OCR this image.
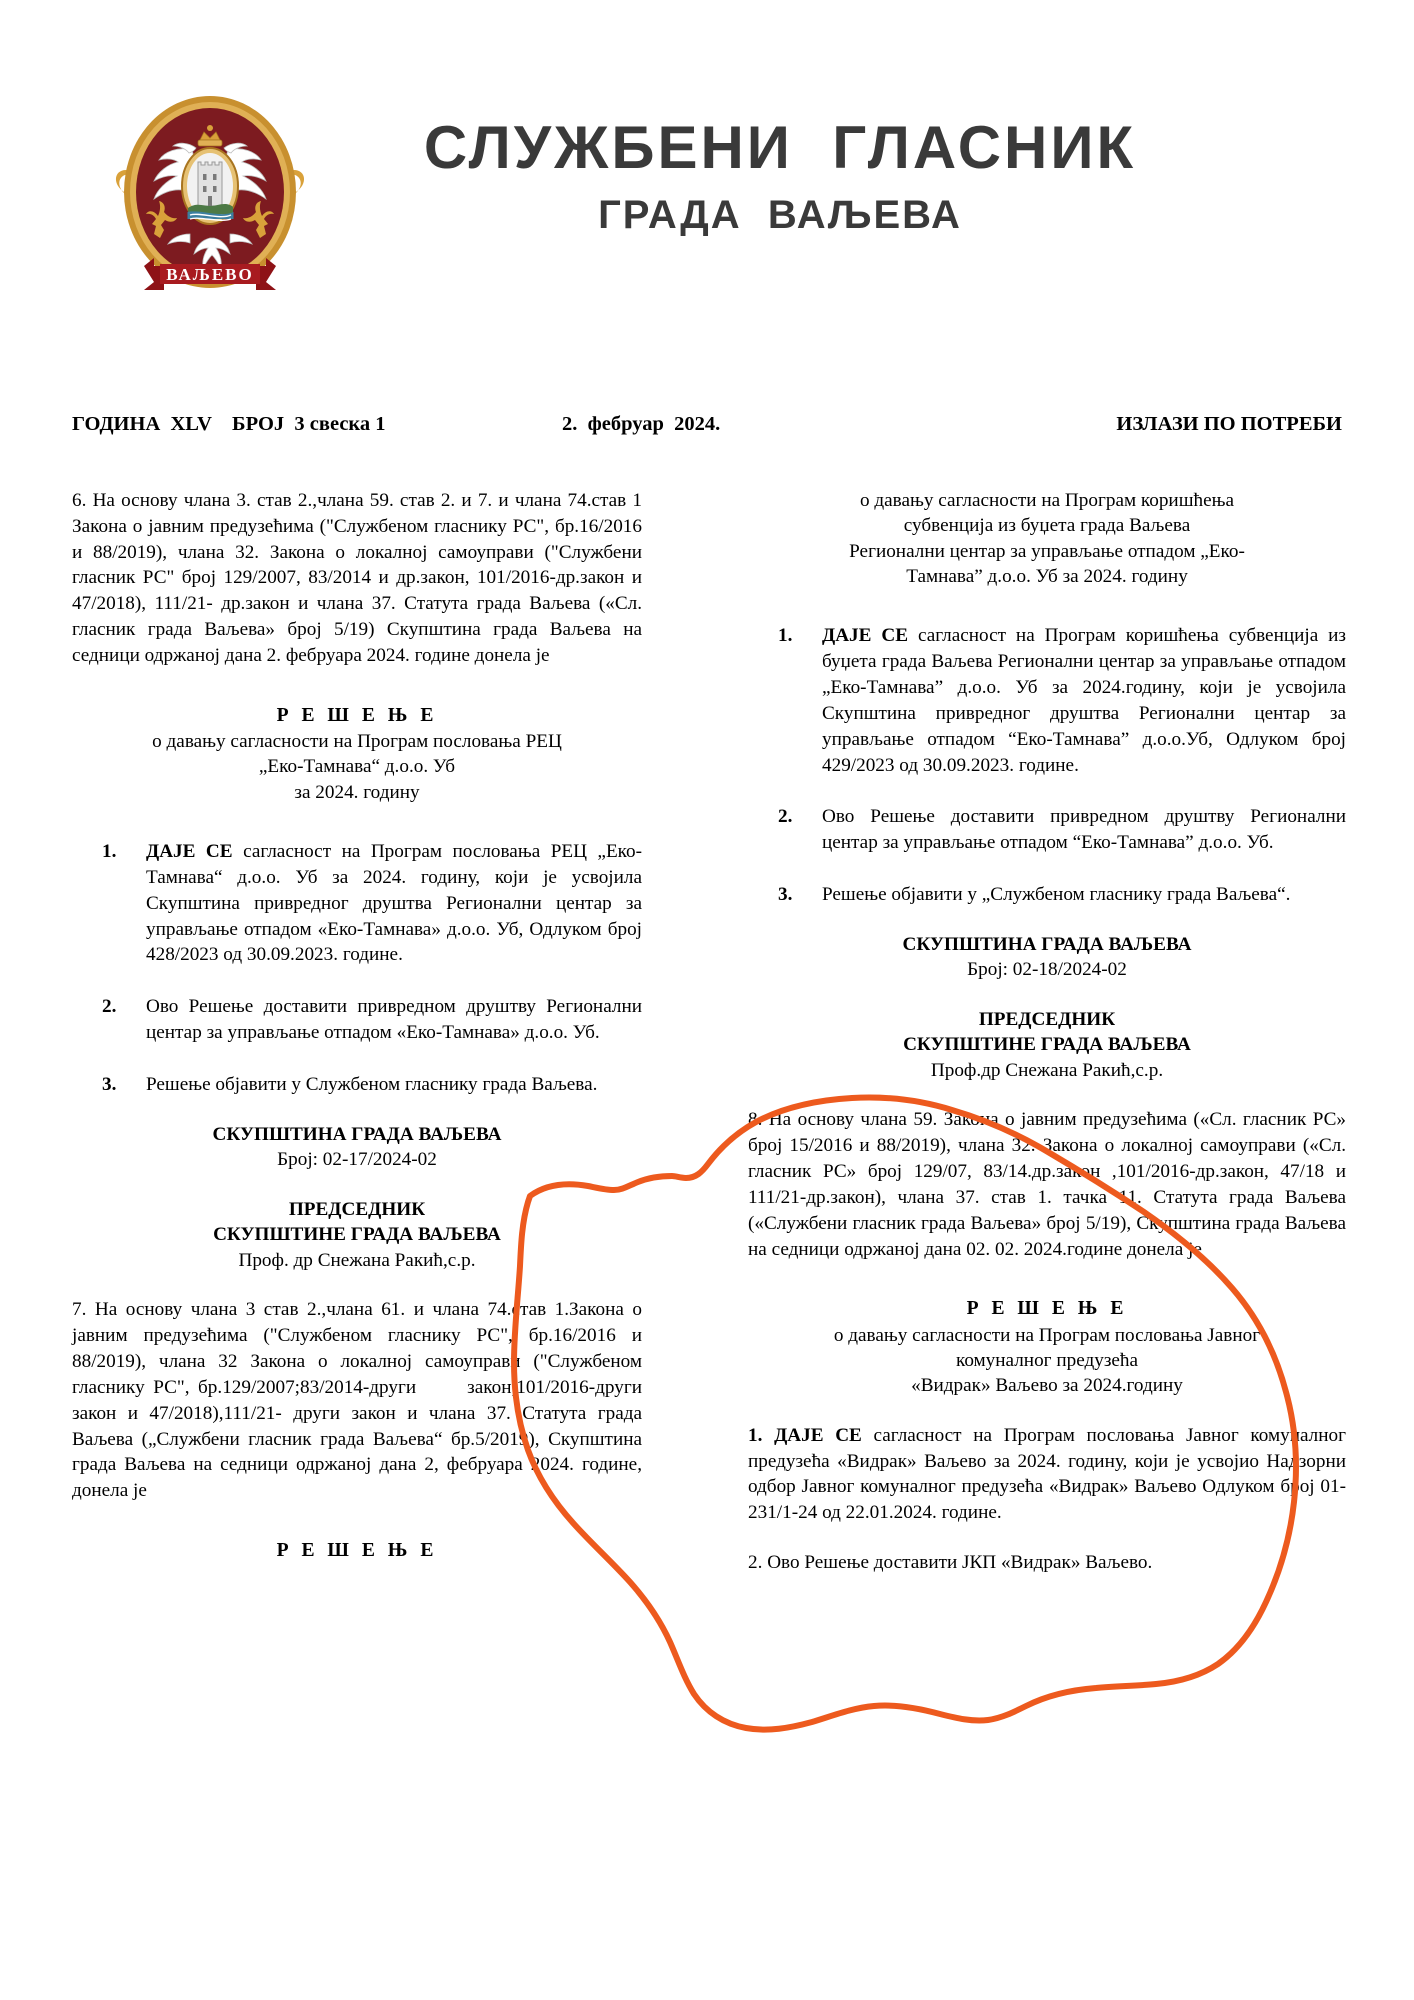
ВАЉЕВО
СЛУЖБЕНИ  ГЛАСНИК
ГРАДА  ВАЉЕВА
ГОДИНА  XLV    БРОЈ  3 свеска 1	2.  фебруар  2024.	ИЗЛАЗИ ПО ПОТРЕБИ

6. На основу члана 3. став 2.,члана 59. став 2. и 7. и члана 74.став 1 Закона о јавним предузећима ("Службеном гласнику РС", бр.16/2016 и 88/2019), члана 32. Закона о локалној самоуправи ("Службени гласник РС" број 129/2007, 83/2014 и др.закон, 101/2016-др.закон и 47/2018), 111/21- др.закон и члана 37. Статута града Ваљева («Сл. гласник града Ваљева» број 5/19) Скупштина града Ваљева на седници одржаној дана 2. фебруара 2024. године донела је

Р Е Ш Е Њ Е

о давању сагласности на Програм пословања РЕЦ

„Еко-Тамнава“ д.о.о. Уб

за 2024. годину

1. ДАЈЕ СЕ сагласност на Програм пословања РЕЦ „Еко-Тамнава“ д.о.о. Уб за 2024. годину, који је усвојила Скупштина привредног друштва Регионални центар за управљање отпадом «Еко-Тамнава» д.о.о. Уб, Одлуком број 428/2023 од 30.09.2023. године.
2. Ово Решење доставити привредном друштву Регионални центар за управљање отпадом «Еко-Тамнава» д.о.о. Уб.
3. Решење објавити у Службеном гласнику града Ваљева.

СКУПШТИНА ГРАДА ВАЉЕВА

Број: 02-17/2024-02

ПРЕДСЕДНИК

СКУПШТИНЕ ГРАДА ВАЉЕВА

Проф. др Снежана Ракић,с.р.

7. На основу члана 3 став 2.,члана 61. и члана 74.став 1.Закона о јавним предузећима ("Службеном гласнику РС", бр.16/2016 и 88/2019), члана 32 Закона о локалној самоуправи ("Службеном гласнику РС", бр.129/2007;83/2014-други      закон,101/2016-други закон и 47/2018),111/21- други закон и члана 37. Статута града Ваљева („Службени гласник града Ваљева“ бр.5/2019), Скупштина града Ваљева на седници одржаној дана 2, фебруара 2024. године, донела је

Р Е Ш Е Њ Е

о давању сагласности на Програм коришћења

субвенција из буџета града Ваљева

Регионални центар за управљање отпадом „Еко-

Тамнава” д.о.о. Уб за 2024. годину

1. ДАЈЕ СЕ сагласност на Програм коришћења субвенција из буџета града Ваљева Регионални центар за управљање отпадом „Еко-Тамнава” д.о.о. Уб за 2024.годину, који је усвојила Скупштина привредног друштва Регионални центар за управљање отпадом “Еко-Тамнава” д.о.о.Уб, Одлуком број 429/2023 од 30.09.2023. године.
2. Ово Решење доставити привредном друштву Регионални центар за управљање отпадом “Еко-Тамнава” д.о.о. Уб.
3. Решење објавити у „Службеном гласнику града Ваљева“.

СКУПШТИНА ГРАДА ВАЉЕВА

Број: 02-18/2024-02

ПРЕДСЕДНИК

СКУПШТИНЕ ГРАДА ВАЉЕВА

Проф.др Снежана Ракић,с.р.

8. На основу члана 59. Закона о јавним предузећима («Сл. гласник РС» број 15/2016 и 88/2019), члана 32. Закона о локалној самоуправи («Сл. гласник РС» број 129/07, 83/14.др.закон ,101/2016-др.закон, 47/18 и 111/21-др.закон), члана 37. став 1. тачка 11. Статута града Ваљева («Службени гласник града Ваљева» број 5/19), Скупштина града Ваљева на седници одржаној дана 02. 02. 2024.године донела је

Р Е Ш Е Њ Е

о давању сагласности на Програм пословања Јавног

комуналног предузећа

«Видрак» Ваљево за 2024.годину

1. ДАЈЕ СЕ сагласност на Програм пословања Јавног комуналног предузећа «Видрак» Ваљево за 2024. годину, који је усвојио Надзорни одбор Јавног комуналног предузећа «Видрак» Ваљево Одлуком број 01-231/1-24 од 22.01.2024. године.

2. Ово Решење доставити ЈКП «Видрак» Ваљево.
